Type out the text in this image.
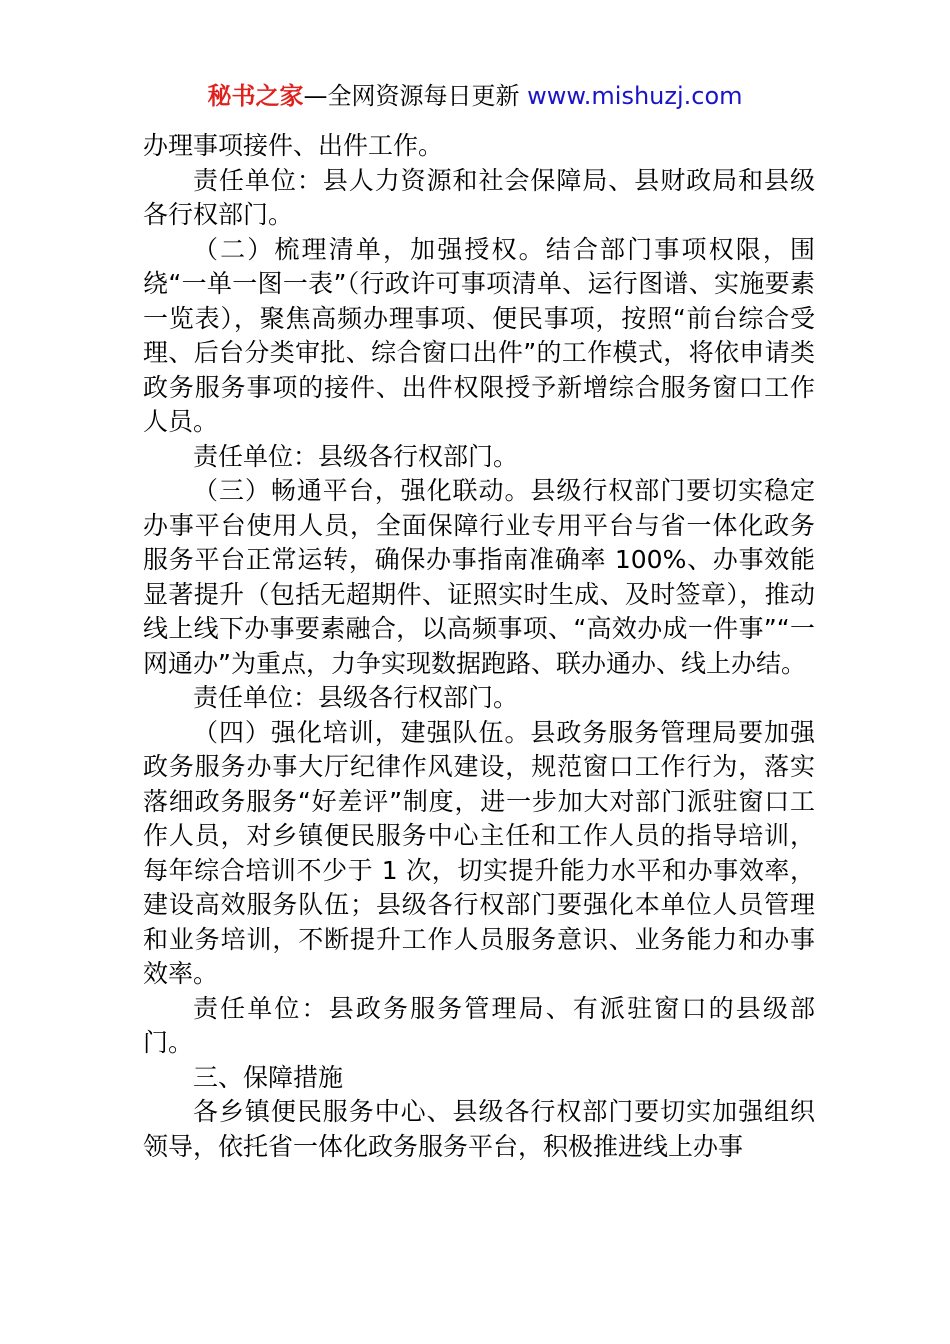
秘书之家—全网资源每日更新 www.mishuzj.com

办理事项接件、出件工作。

责任单位：县人力资源和社会保障局、县财政局和县级各行权部门。

（二）梳理清单，加强授权。结合部门事项权限，围绕“一单一图一表”（行政许可事项清单、运行图谱、实施要素一览表），聚焦高频办理事项、便民事项，按照“前台综合受理、后台分类审批、综合窗口出件”的工作模式，将依申请类政务服务事项的接件、出件权限授予新增综合服务窗口工作人员。

责任单位：县级各行权部门。

（三）畅通平台，强化联动。县级行权部门要切实稳定办事平台使用人员，全面保障行业专用平台与省一体化政务服务平台正常运转，确保办事指南准确率 100%、办事效能显著提升（包括无超期件、证照实时生成、及时签章），推动线上线下办事要素融合，以高频事项、“高效办成一件事”“一网通办”为重点，力争实现数据跑路、联办通办、线上办结。

责任单位：县级各行权部门。

（四）强化培训，建强队伍。县政务服务管理局要加强政务服务办事大厅纪律作风建设，规范窗口工作行为，落实落细政务服务“好差评”制度，进一步加大对部门派驻窗口工作人员，对乡镇便民服务中心主任和工作人员的指导培训，每年综合培训不少于 1 次，切实提升能力水平和办事效率，建设高效服务队伍；县级各行权部门要强化本单位人员管理和业务培训，不断提升工作人员服务意识、业务能力和办事效率。

责任单位：县政务服务管理局、有派驻窗口的县级部门。

三、保障措施

各乡镇便民服务中心、县级各行权部门要切实加强组织领导，依托省一体化政务服务平台，积极推进线上办事
